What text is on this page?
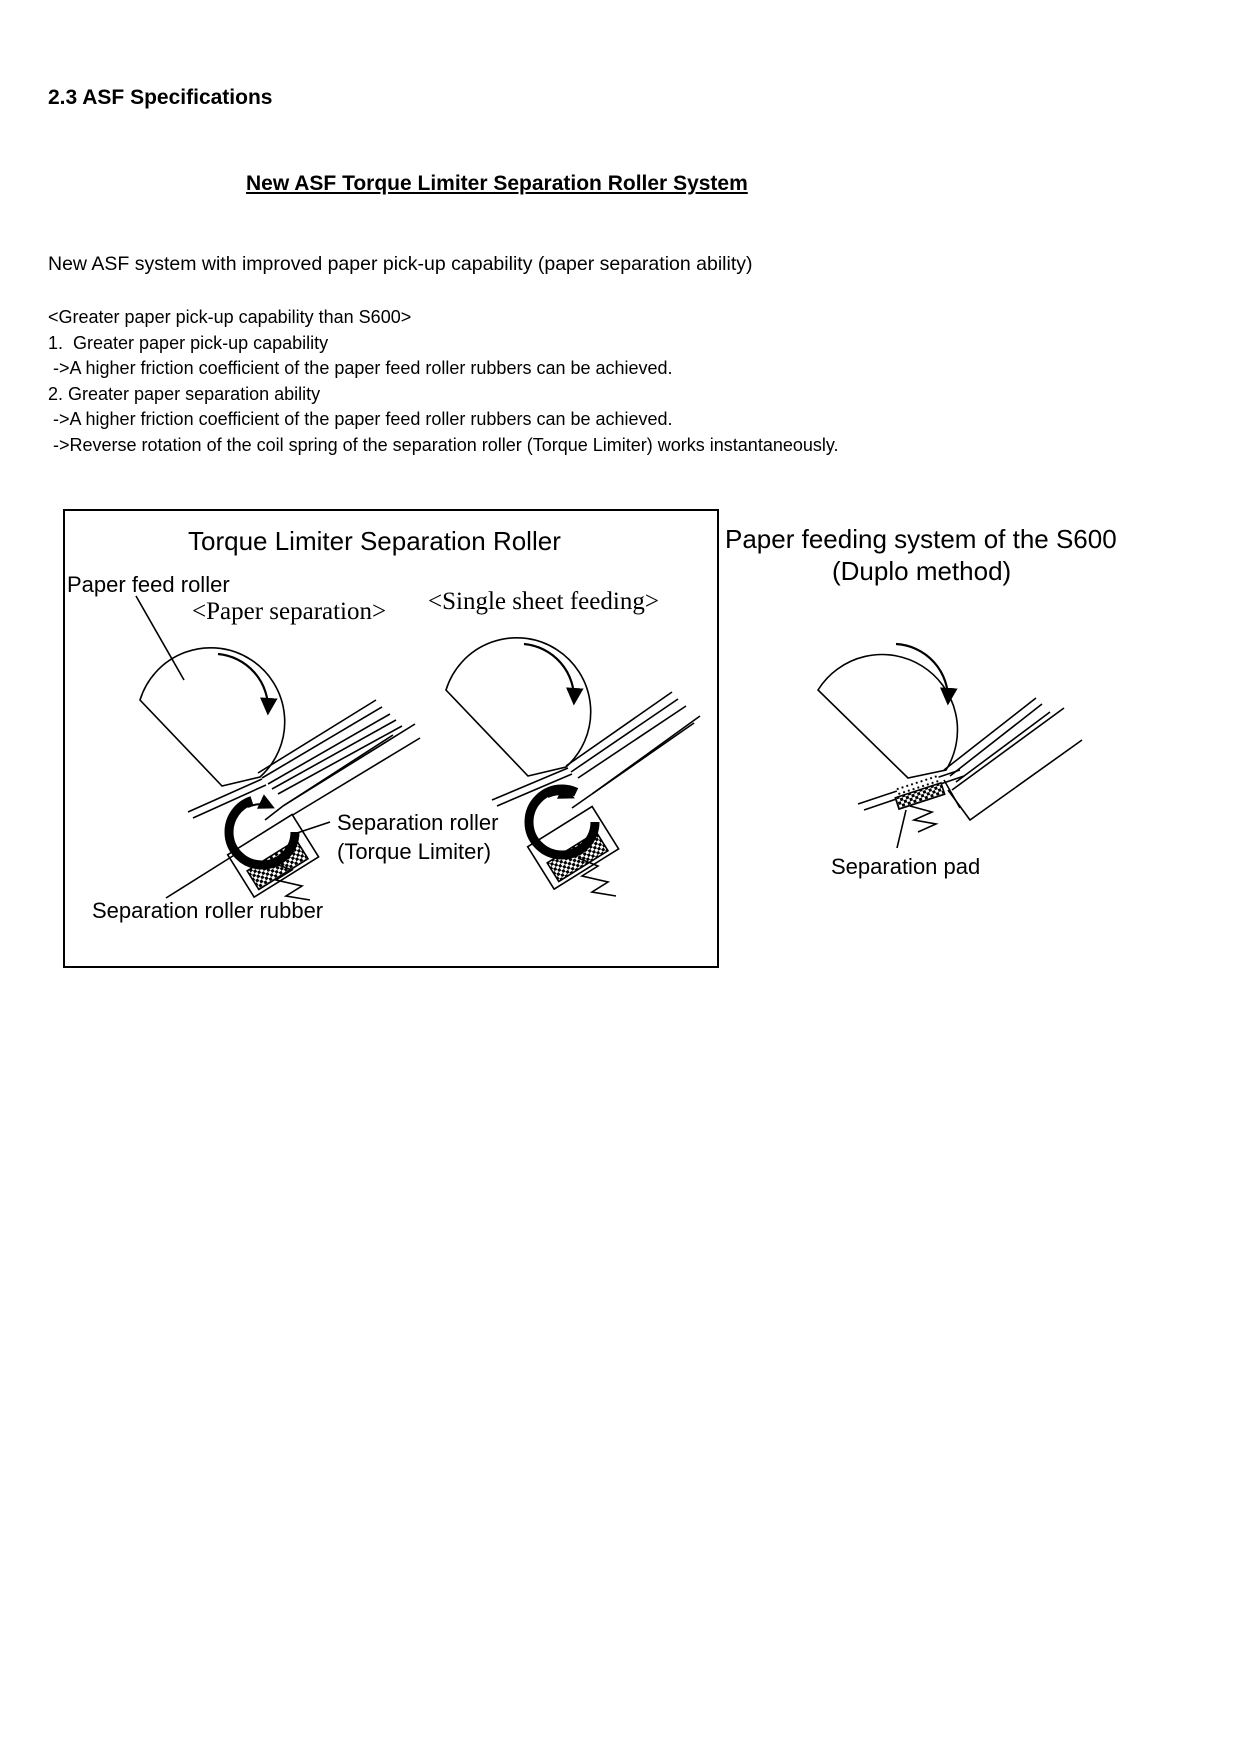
2.3 ASF Specifications
New ASF Torque Limiter Separation Roller System
New ASF system with improved paper pick-up capability (paper separation ability)
<Greater paper pick-up capability than S600>
1.  Greater paper pick-up capability
->A higher friction coefficient of the paper feed roller rubbers can be achieved.
2. Greater paper separation ability
->A higher friction coefficient of the paper feed roller rubbers can be achieved.
->Reverse rotation of the coil spring of the separation roller (Torque Limiter) works instantaneously.
Torque Limiter Separation Roller
Paper feed roller
<Paper separation> <Single sheet feeding>
Separation roller
(Torque Limiter)
Separation roller rubber
Paper feeding system of the S600
(Duplo method)
Separation pad
